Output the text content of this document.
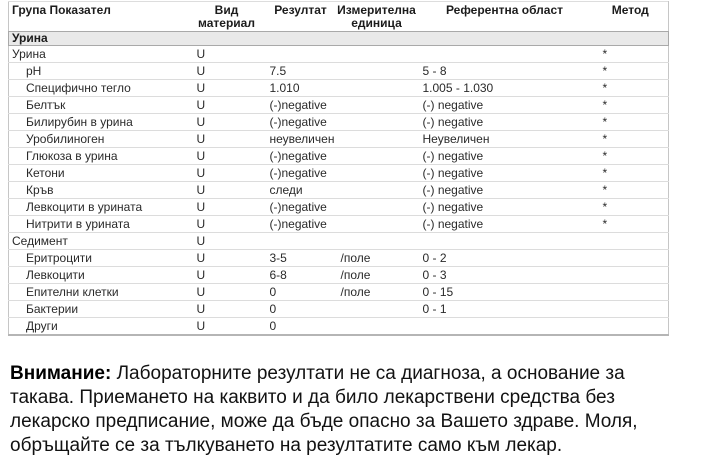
Група Показател	Вид материал	Резултат	Измерителна единица	Референтна област	Метод
Урина					
Урина	U				*
pH	U	7.5		5 - 8	*
Специфично тегло	U	1.010		1.005 - 1.030	*
Белтък	U	(-)negative		(-) negative	*
Билирубин в урина	U	(-)negative		(-) negative	*
Уробилиноген	U	неувеличен		Неувеличен	*
Глюкоза в урина	U	(-)negative		(-) negative	*
Кетони	U	(-)negative		(-) negative	*
Кръв	U	следи		(-) negative	*
Левкоцити в урината	U	(-)negative		(-) negative	*
Нитрити в урината	U	(-)negative		(-) negative	*
Седимент	U				
Еритроцити	U	3-5	/поле	0 - 2	
Левкоцити	U	6-8	/поле	0 - 3	
Епителни клетки	U	0	/поле	0 - 15	
Бактерии	U	0		0 - 1	
Други	U	0			

Внимание: Лабораторните резултати не са диагноза, а основание за такава. Приемането на каквито и да било лекарствени средства без лекарско предписание, може да бъде опасно за Вашето здраве. Моля, обръщайте се за тълкуването на резултатите само към лекар.
